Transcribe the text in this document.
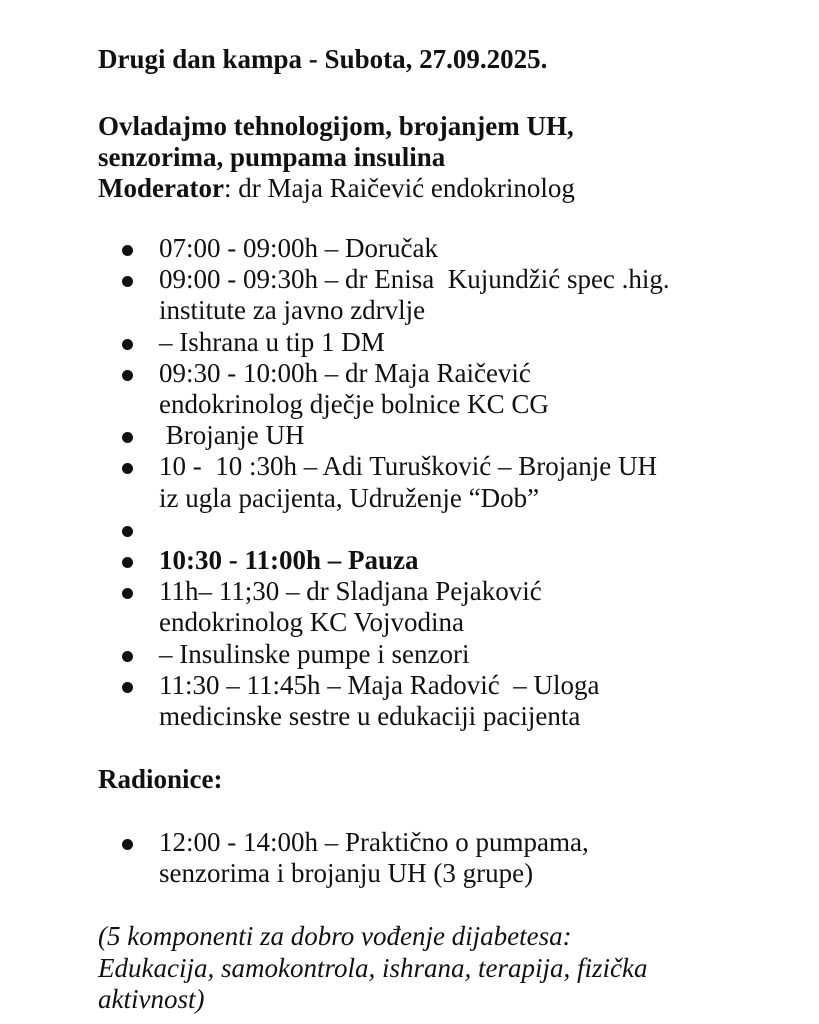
Drugi dan kampa - Subota, 27.09.2025.
Ovladajmo tehnologijom, brojanjem UH,
senzorima, pumpama insulina
Moderator: dr Maja Raičević endokrinolog
07:00 - 09:00h – Doručak
09:00 - 09:30h – dr Enisa  Kujundžić spec .hig.
institute za javno zdrvlje
– Ishrana u tip 1 DM
09:30 - 10:00h – dr Maja Raičević
endokrinolog dječje bolnice KC CG
Brojanje UH
10 -  10 :30h – Adi Turušković – Brojanje UH
iz ugla pacijenta, Udruženje “Dob”
10:30 - 11:00h – Pauza
11h– 11;30 – dr Sladjana Pejaković
endokrinolog KC Vojvodina
– Insulinske pumpe i senzori
11:30 – 11:45h – Maja Radović  – Uloga
medicinske sestre u edukaciji pacijenta
Radionice:
12:00 - 14:00h – Praktično o pumpama,
senzorima i brojanju UH (3 grupe)
(5 komponenti za dobro vođenje dijabetesa:
Edukacija, samokontrola, ishrana, terapija, fizička
aktivnost)
